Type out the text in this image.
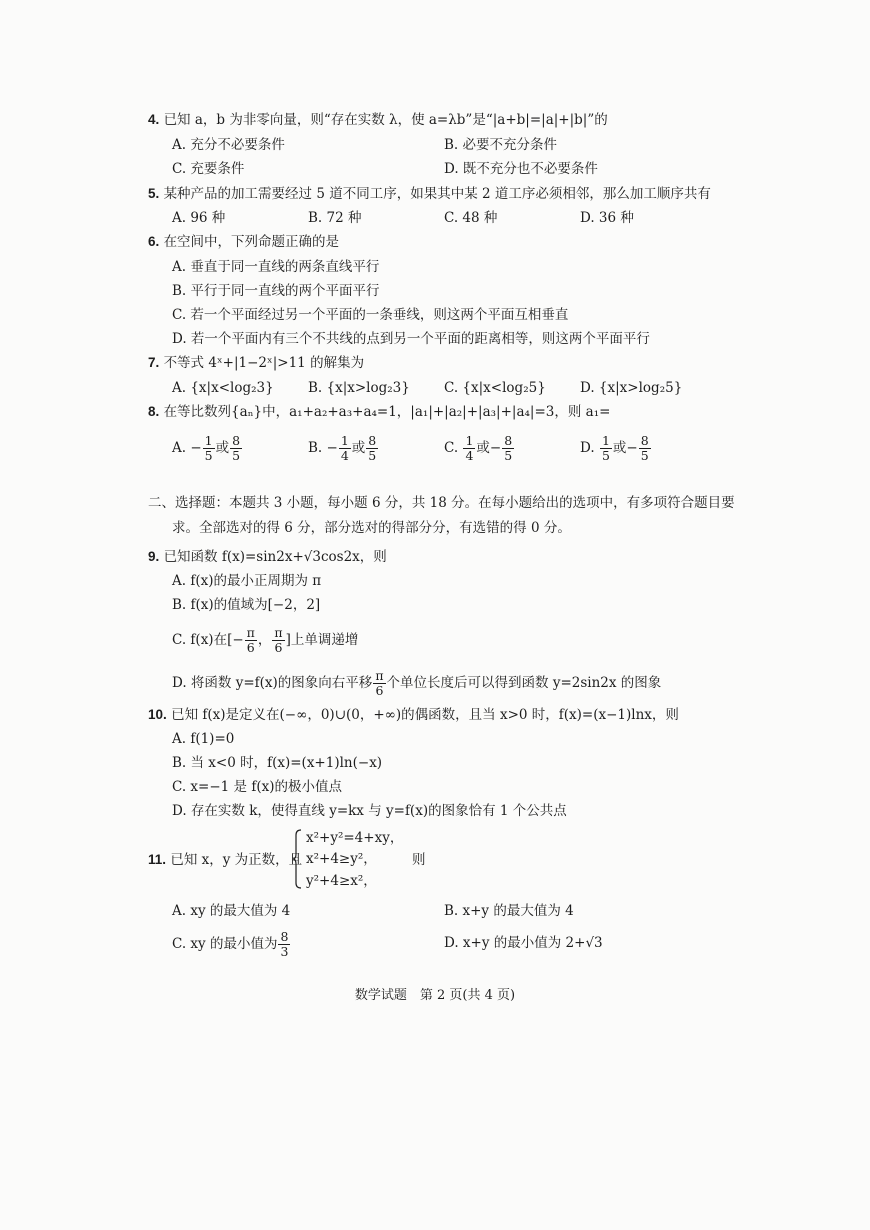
4. 已知 a，b 为非零向量，则“存在实数 λ，使 a=λb”是“|a+b|=|a|+|b|”的
A. 充分不必要条件	B. 必要不充分条件
C. 充要条件	D. 既不充分也不必要条件
5. 某种产品的加工需要经过 5 道不同工序，如果其中某 2 道工序必须相邻，那么加工顺序共有
A. 96 种	B. 72 种	C. 48 种	D. 36 种
6. 在空间中，下列命题正确的是
A. 垂直于同一直线的两条直线平行
B. 平行于同一直线的两个平面平行
C. 若一个平面经过另一个平面的一条垂线，则这两个平面互相垂直
D. 若一个平面内有三个不共线的点到另一个平面的距离相等，则这两个平面平行
7. 不等式 4ˣ+|1−2ˣ|>11 的解集为
A. {x|x<log₂3}	B. {x|x>log₂3}	C. {x|x<log₂5}	D. {x|x>log₂5}
8. 在等比数列{aₙ}中，a₁+a₂+a₃+a₄=1，|a₁|+|a₂|+|a₃|+|a₄|=3，则 a₁=
A. − $\frac{1}{5}$ 或 $\frac{8}{5}$	B. − $\frac{1}{4}$ 或 $\frac{8}{5}$	C. $\frac{1}{4}$ 或− $\frac{8}{5}$	D. $\frac{1}{5}$ 或− $\frac{8}{5}$
二、选择题：本题共 3 小题，每小题 6 分，共 18 分。在每小题给出的选项中，有多项符合题目要
求。全部选对的得 6 分，部分选对的得部分分，有选错的得 0 分。
9. 已知函数 f(x)=sin2x+√3cos2x，则
A. f(x)的最小正周期为 π
B. f(x)的值域为[−2，2]
C. f(x)在[− $\frac{\pi}{6}$ ， $\frac{\pi}{6}$ ]上单调递增
D. 将函数 y=f(x)的图象向右平移 $\frac{\pi}{6}$ 个单位长度后可以得到函数 y=2sin2x 的图象
10. 已知 f(x)是定义在(−∞，0)∪(0，+∞)的偶函数，且当 x>0 时，f(x)=(x−1)lnx，则
A. f(1)=0
B. 当 x<0 时，f(x)=(x+1)ln(−x)
C. x=−1 是 f(x)的极小值点
D. 存在实数 k，使得直线 y=kx 与 y=f(x)的图象恰有 1 个公共点
11. 已知 x，y 为正数，且
x²+y²=4+xy，
x²+4≥y²，
y²+4≥x²，
则
A. xy 的最大值为 4	B. x+y 的最大值为 4
C. xy 的最小值为 $\frac{8}{3}$	D. x+y 的最小值为 2+√3
数学试题　第 2 页(共 4 页)
